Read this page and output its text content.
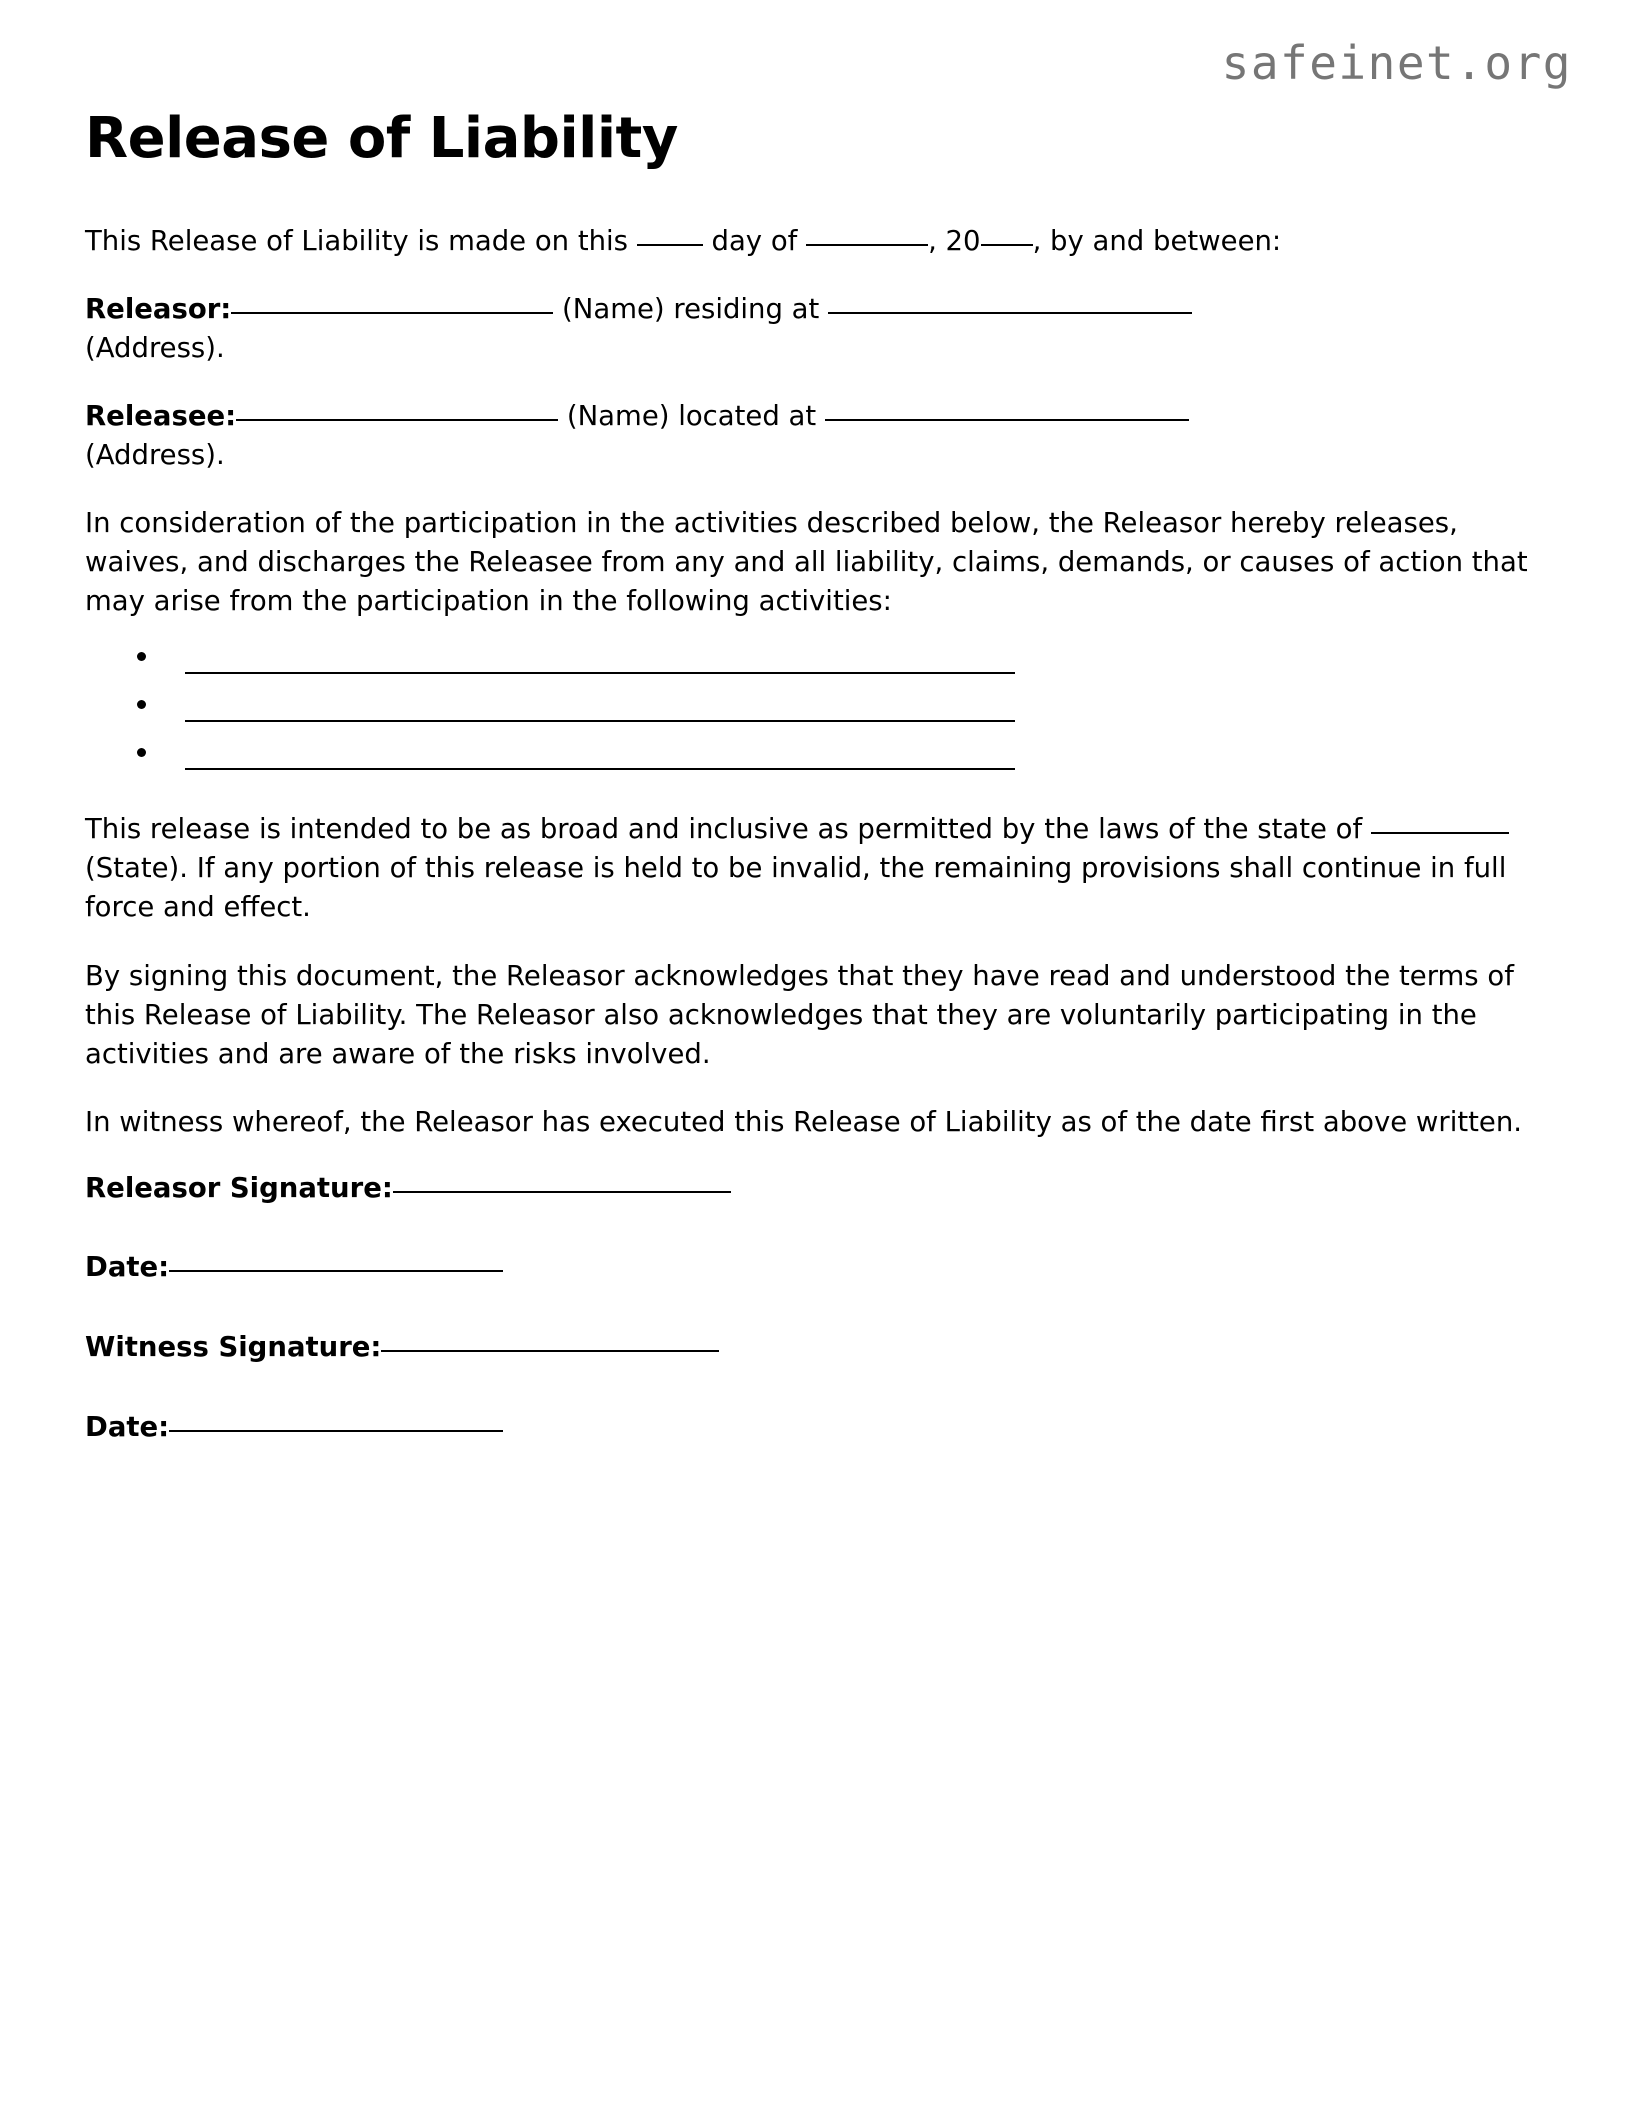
safeinet.org
Release of Liability

This Release of Liability is made on this  day of	, 20 , by and between:

Releasor:	(Name) residing at
(Address).

Releasee:	(Name) located at
(Address).

In consideration of the participation in the activities described below, the Releasor hereby releases, waives, and discharges the Releasee from any and all liability, claims, demands, or causes of action that may arise from the participation in the following activities:

This release is intended to be as broad and inclusive as permitted by the laws of the state of  (State). If any portion of this release is held to be invalid, the remaining provisions shall continue in full force and effect.

By signing this document, the Releasor acknowledges that they have read and understood the terms of this Release of Liability. The Releasor also acknowledges that they are voluntarily participating in the activities and are aware of the risks involved.

In witness whereof, the Releasor has executed this Release of Liability as of the date first above written.

Releasor Signature:

Date:

Witness Signature:

Date:
